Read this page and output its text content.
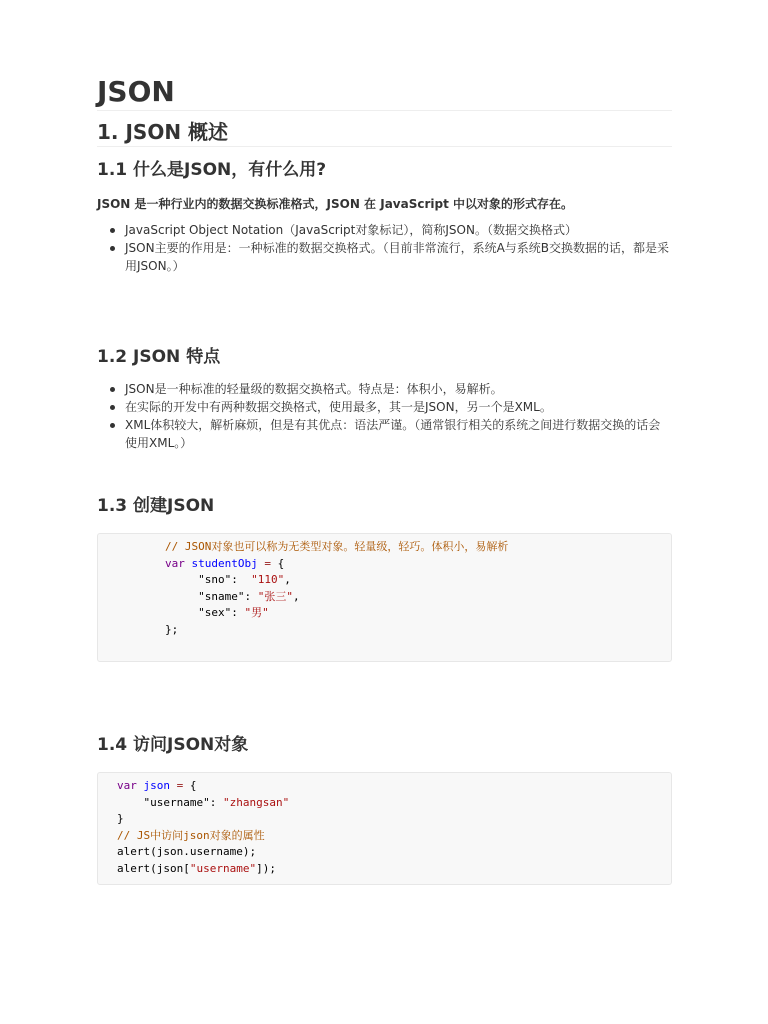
JSON
1. JSON 概述
1.1 什么是JSON，有什么用?

JSON 是一种行业内的数据交换标准格式，JSON 在 JavaScript 中以对象的形式存在。

JavaScript Object Notation（JavaScript对象标记），简称JSON。（数据交换格式）
JSON主要的作用是：一种标准的数据交换格式。（目前非常流行，系统A与系统B交换数据的话，都是采用JSON。）
1.2 JSON 特点
JSON是一种标准的轻量级的数据交换格式。特点是：体积小，易解析。
在实际的开发中有两种数据交换格式，使用最多，其一是JSON，另一个是XML。
XML体积较大，解析麻烦，但是有其优点：语法严谨。（通常银行相关的系统之间进行数据交换的话会使用XML。）
1.3 创建JSON
// JSON对象也可以称为无类型对象。轻量级，轻巧。体积小，易解析
var studentObj = {
"sno":  "110",
"sname": "张三",
"sex": "男"
};
1.4 访问JSON对象
var json = {
"username": "zhangsan"
}
// JS中访问json对象的属性
alert(json.username);
alert(json["username"]);
